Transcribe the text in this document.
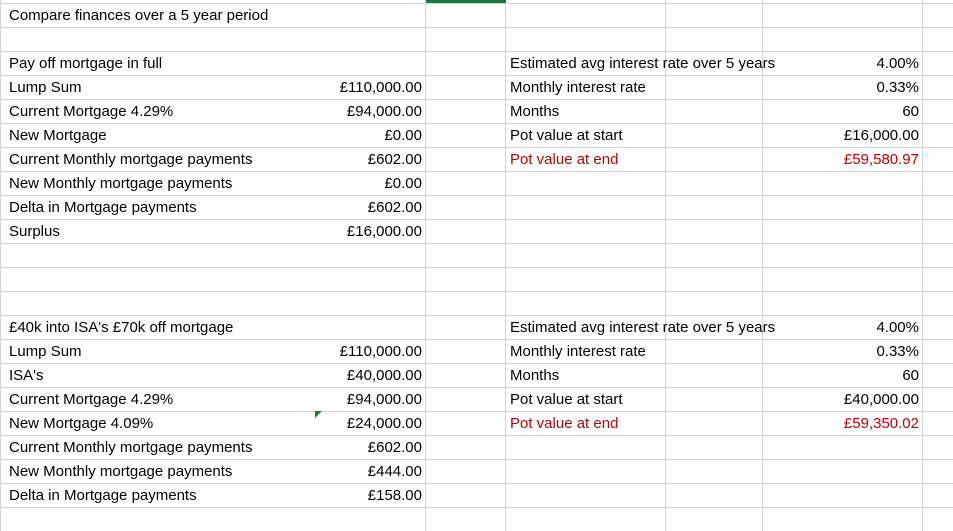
Compare finances over a 5 year period
Pay off mortgage in full
Lump Sum	£110,000.00
Current Mortgage 4.29%	£94,000.00
New Mortgage	£0.00
Current Monthly mortgage payments	£602.00
New Monthly mortgage payments	£0.00
Delta in Mortgage payments	£602.00
Surplus	£16,000.00
Estimated avg interest rate over 5 years	4.00%
Monthly interest rate	0.33%
Months	60
Pot value at start	£16,000.00
Pot value at end	£59,580.97
£40k into ISA's £70k off mortgage
Lump Sum	£110,000.00
ISA's	£40,000.00
Current Mortgage 4.29%	£94,000.00
New Mortgage 4.09%	£24,000.00
Current Monthly mortgage payments	£602.00
New Monthly mortgage payments	£444.00
Delta in Mortgage payments	£158.00
Estimated avg interest rate over 5 years	4.00%
Monthly interest rate	0.33%
Months	60
Pot value at start	£40,000.00
Pot value at end	£59,350.02
